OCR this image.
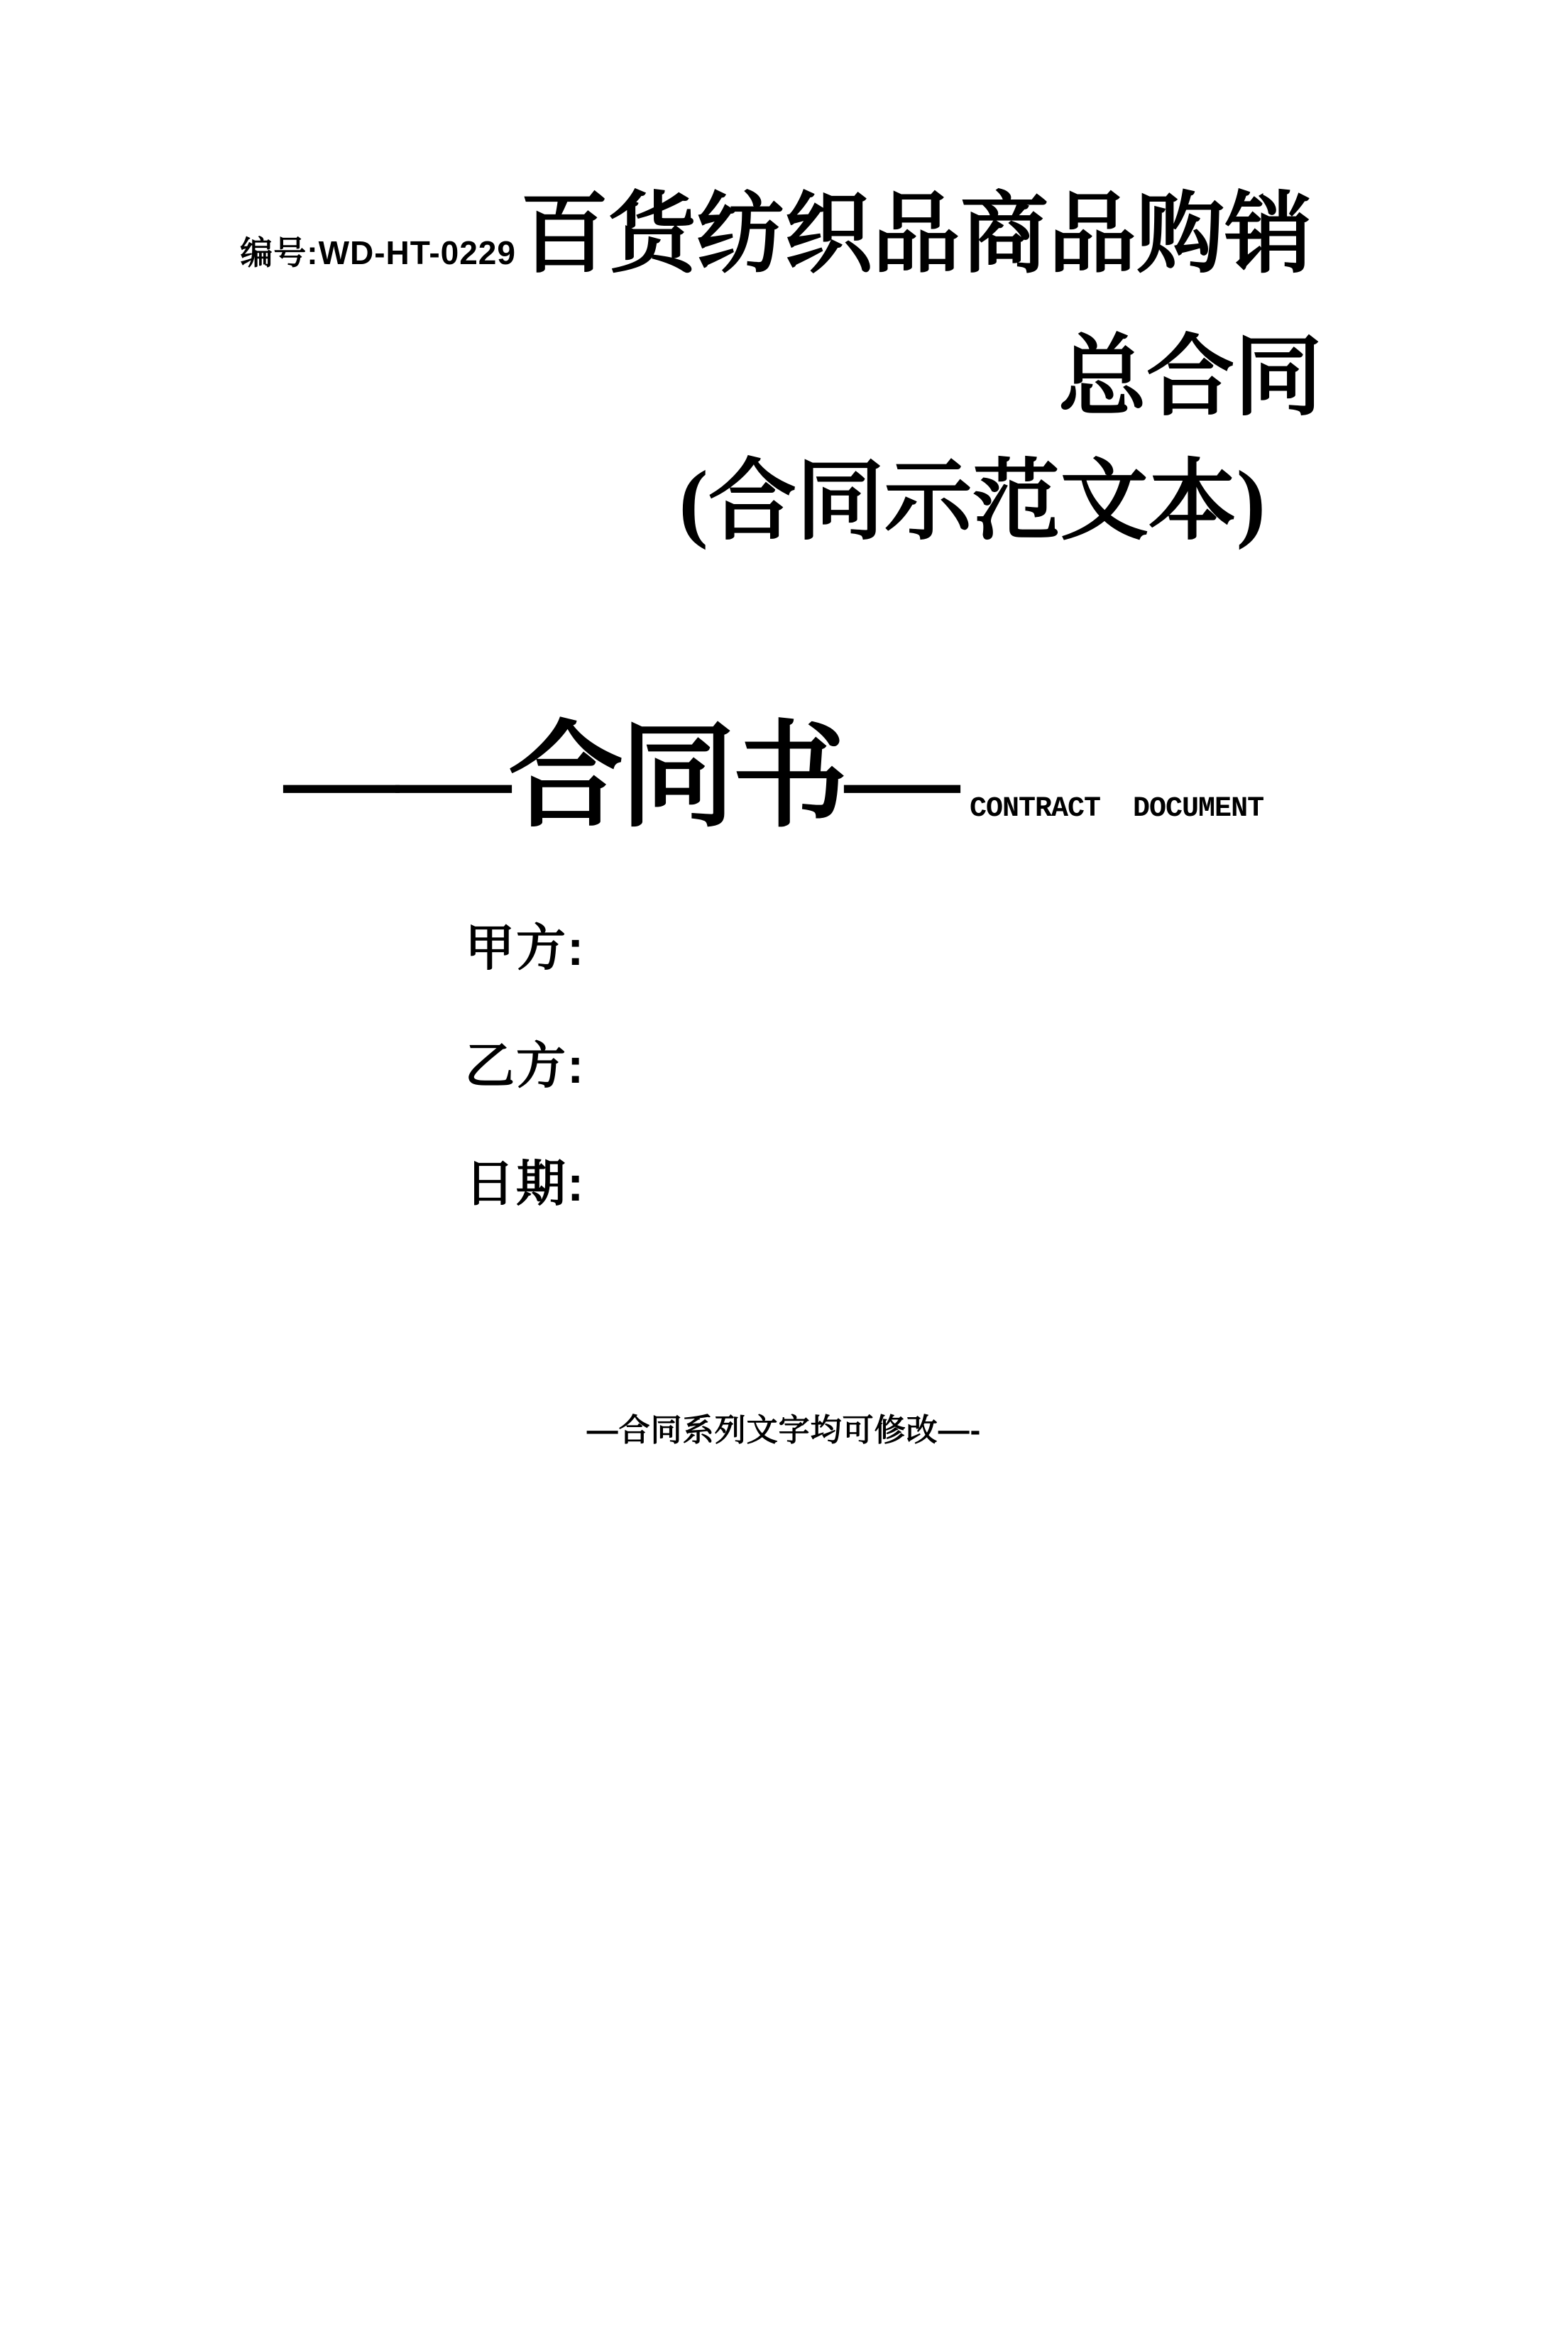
编号:WD-HT-0229百货纺织品商品购销
总合同
(合同示范文本)
——合同书— CONTRACT  DOCUMENT
甲方:
乙方:
日期:
—合同系列文字均可修改—-
